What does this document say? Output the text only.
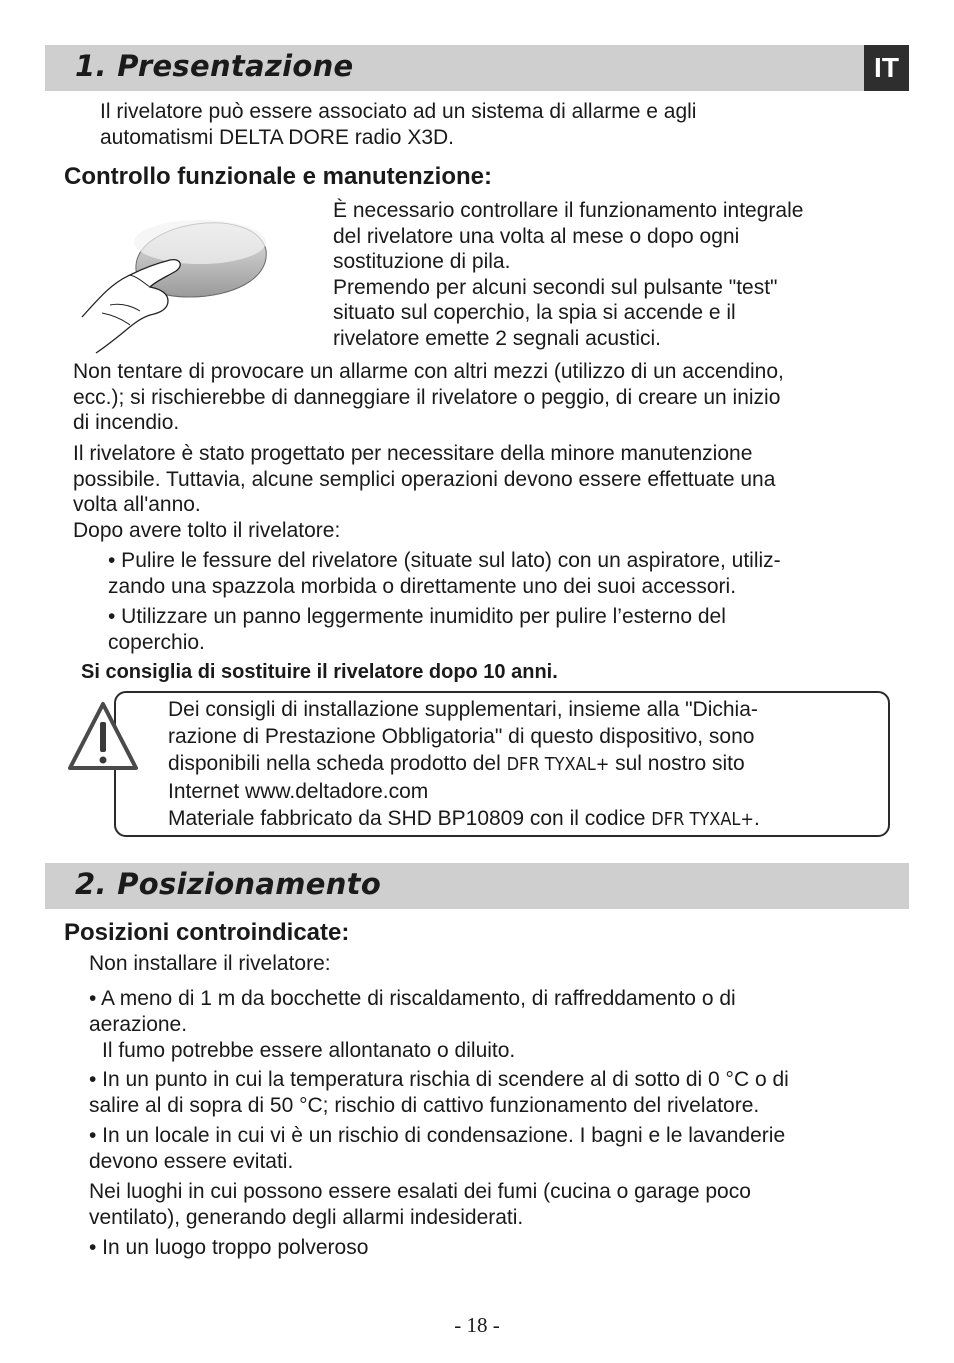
1. Presentazione	IT

Il rivelatore può essere associato ad un sistema di allarme e agli
automatismi DELTA DORE radio X3D.

Controllo funzionale e manutenzione:

È necessario controllare il funzionamento integrale
del rivelatore una volta al mese o dopo ogni
sostituzione di pila.
Premendo per alcuni secondi sul pulsante "test"
situato sul coperchio, la spia si accende e il
rivelatore emette 2 segnali acustici.

Non tentare di provocare un allarme con altri mezzi (utilizzo di un accendino,
ecc.); si rischierebbe di danneggiare il rivelatore o peggio, di creare un inizio
di incendio.

Il rivelatore è stato progettato per necessitare della minore manutenzione
possibile. Tuttavia, alcune semplici operazioni devono essere effettuate una
volta all'anno.
Dopo avere tolto il rivelatore:

• Pulire le fessure del rivelatore (situate sul lato) con un aspiratore, utiliz-
zando una spazzola morbida o direttamente uno dei suoi accessori.

• Utilizzare un panno leggermente inumidito per pulire l’esterno del
coperchio.

Si consiglia di sostituire il rivelatore dopo 10 anni.

Dei consigli di installazione supplementari, insieme alla "Dichia-
razione di Prestazione Obbligatoria" di questo dispositivo, sono
disponibili nella scheda prodotto del DFR TYXAL+ sul nostro sito
Internet www.deltadore.com
Materiale fabbricato da SHD BP10809 con il codice DFR TYXAL+.

2. Posizionamento
Posizioni controindicate:

Non installare il rivelatore:

• A meno di 1 m da bocchette di riscaldamento, di raffreddamento o di
aerazione.
Il fumo potrebbe essere allontanato o diluito.

• In un punto in cui la temperatura rischia di scendere al di sotto di 0 °C o di
salire al di sopra di 50 °C; rischio di cattivo funzionamento del rivelatore.

• In un locale in cui vi è un rischio di condensazione. I bagni e le lavanderie
devono essere evitati.

Nei luoghi in cui possono essere esalati dei fumi (cucina o garage poco
ventilato), generando degli allarmi indesiderati.

• In un luogo troppo polveroso

- 18 -
